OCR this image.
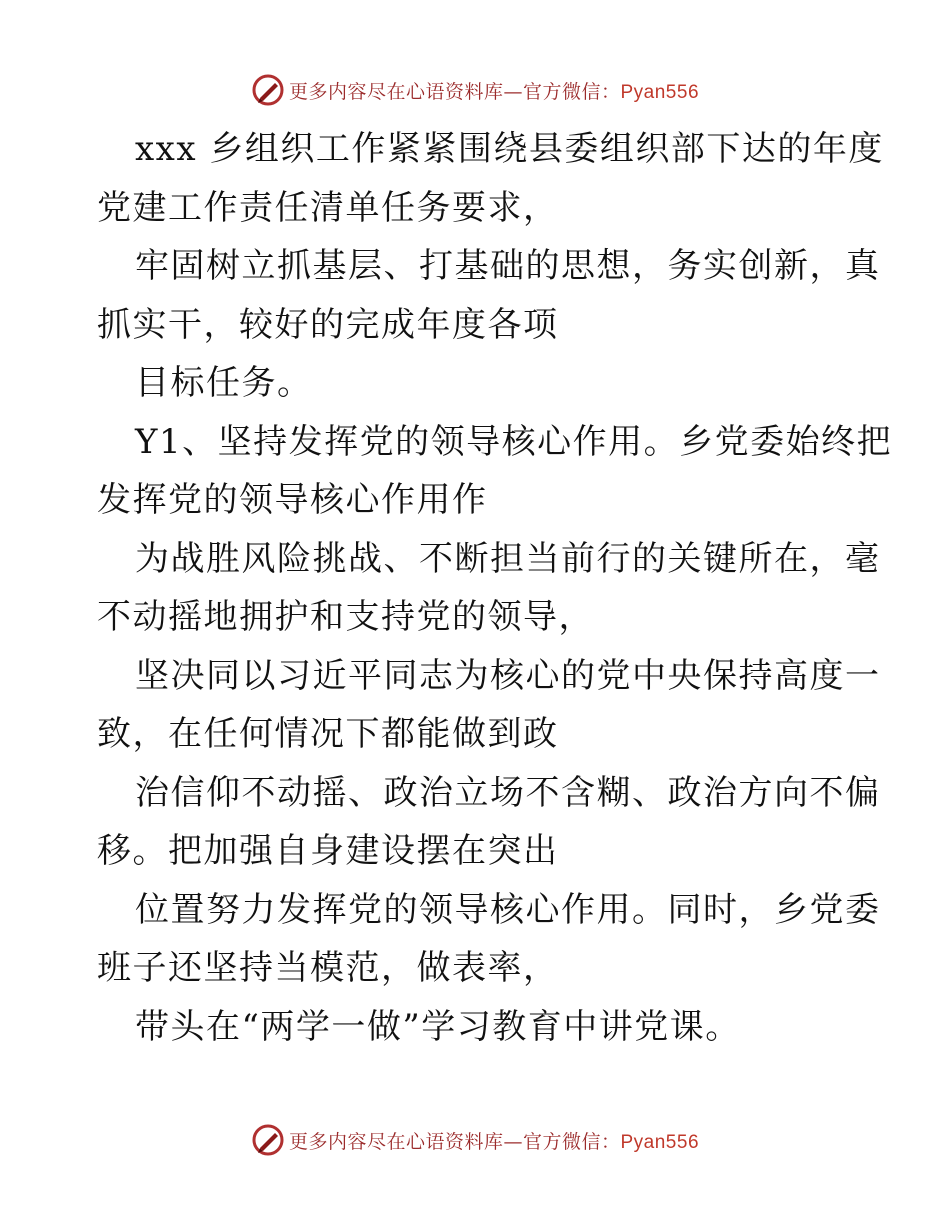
更多内容尽在心语资料库—官方微信：Pyan556
xxx 乡组织工作紧紧围绕县委组织部下达的年度
党建工作责任清单任务要求，
牢固树立抓基层、打基础的思想，务实创新，真
抓实干，较好的完成年度各项
目标任务。
Y1、坚持发挥党的领导核心作用。乡党委始终把
发挥党的领导核心作用作
为战胜风险挑战、不断担当前行的关键所在，毫
不动摇地拥护和支持党的领导，
坚决同以习近平同志为核心的党中央保持高度一
致，在任何情况下都能做到政
治信仰不动摇、政治立场不含糊、政治方向不偏
移。把加强自身建设摆在突出
位置努力发挥党的领导核心作用。同时，乡党委
班子还坚持当模范，做表率，
带头在“两学一做”学习教育中讲党课。
更多内容尽在心语资料库—官方微信：Pyan556
